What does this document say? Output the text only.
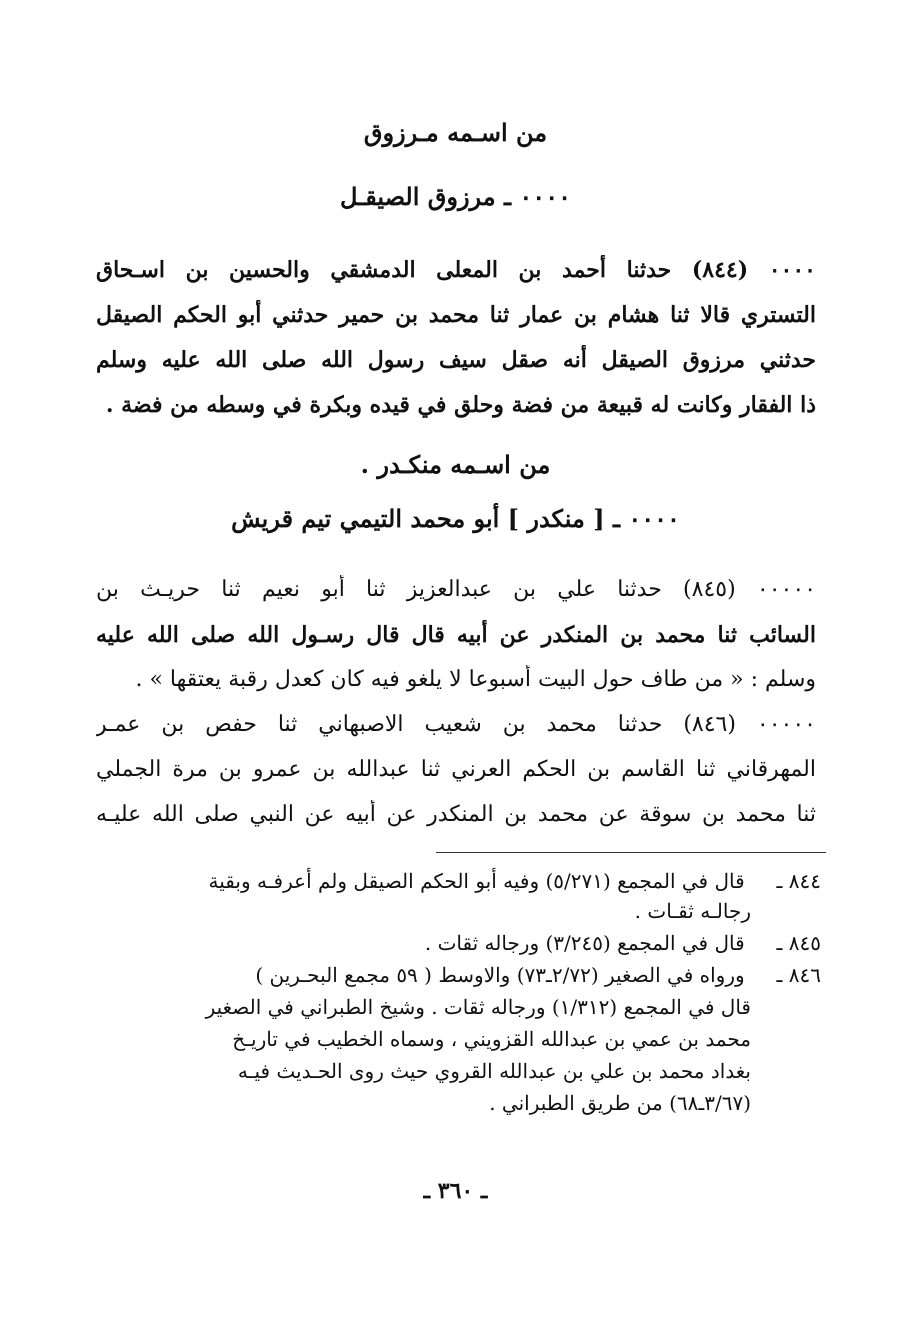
من اسـمه مـرزوق
٠٠٠٠ ـ مرزوق الصيقـل
٠٠٠٠ (٨٤٤) حدثنا أحمد بن المعلى الدمشقي والحسين بن اسـحاق
التستري قالا ثنا هشام بن عمار ثنا محمد بن حمير حدثني أبو الحكم الصيقل
حدثني مرزوق الصيقل أنه صقل سيف رسول الله صلى الله عليه وسلم
ذا الفقار وكانت له قبيعة من فضة وحلق في قيده وبكرة في وسطه من فضة .
من اسـمه منكـدر .
٠٠٠٠ ـ [ منكدر ] أبو محمد التيمي تيم قريش
٠٠٠٠٠ (٨٤٥) حدثنا علي بن عبدالعزيز ثنا أبو نعيم ثنا حريـث بن
السائب ثنا محمد بن المنكدر عن أبيه قال قال رسـول الله صلى الله عليه
وسلم : « من طاف حول البيت أسبوعا لا يلغو فيه كان كعدل رقبة يعتقها » .
٠٠٠٠٠ (٨٤٦) حدثنا محمد بن شعيب الاصبهاني ثنا حفص بن عمـر
المهرقاني ثنا القاسم بن الحكم العرني ثنا عبدالله بن عمرو بن مرة الجملي
ثنا محمد بن سوقة عن محمد بن المنكدر عن أبيه عن النبي صلى الله عليـه
٨٤٤ ـ قال في المجمع (٥/٢٧١) وفيه أبو الحكم الصيقل ولم أعرفـه وبقية
رجالـه ثقـات .
٨٤٥ ـ قال في المجمع (٣/٢٤٥) ورجاله ثقات .
٨٤٦ ـ ورواه في الصغير (٢/٧٢ـ٧٣) والاوسط ( ٥٩ مجمع البحـرين )
قال في المجمع (١/٣١٢) ورجاله ثقات . وشيخ الطبراني في الصغير
محمد بن عمي بن عبدالله القزويني ، وسماه الخطيب في تاريـخ
بغداد محمد بن علي بن عبدالله القروي حيث روى الحـديث فيـه
(٣/٦٧ـ٦٨) من طريق الطبراني .
ـ ٣٦٠ ـ
